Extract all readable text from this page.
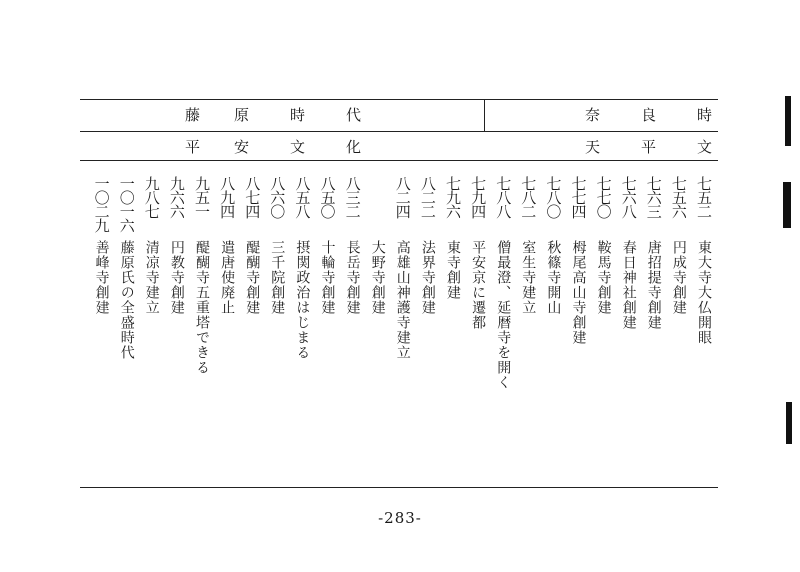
時
良
奈
代
時
原
藤
文
平
天
化
文
安
平
七五二
東大寺大仏開眼
七五六
円成寺創建
七六三
唐招提寺創建
七六八
春日神社創建
七七〇
鞍馬寺創建
七七四
栂尾高山寺創建
七八〇
秋篠寺開山
七八二
室生寺建立
七八八
僧最澄、延暦寺を開く
七九四
平安京に遷都
七九六
東寺創建
八二二
法界寺創建
八二四
高雄山神護寺建立
大野寺創建
八三二
長岳寺創建
八五〇
十輪寺創建
八五八
摂関政治はじまる
八六〇
三千院創建
八七四
醍醐寺創建
八九四
遣唐使廃止
九五一
醍醐寺五重塔できる
九六六
円教寺創建
九八七
清凉寺建立
一〇一六
藤原氏の全盛時代
一〇二九
善峰寺創建
-283-
